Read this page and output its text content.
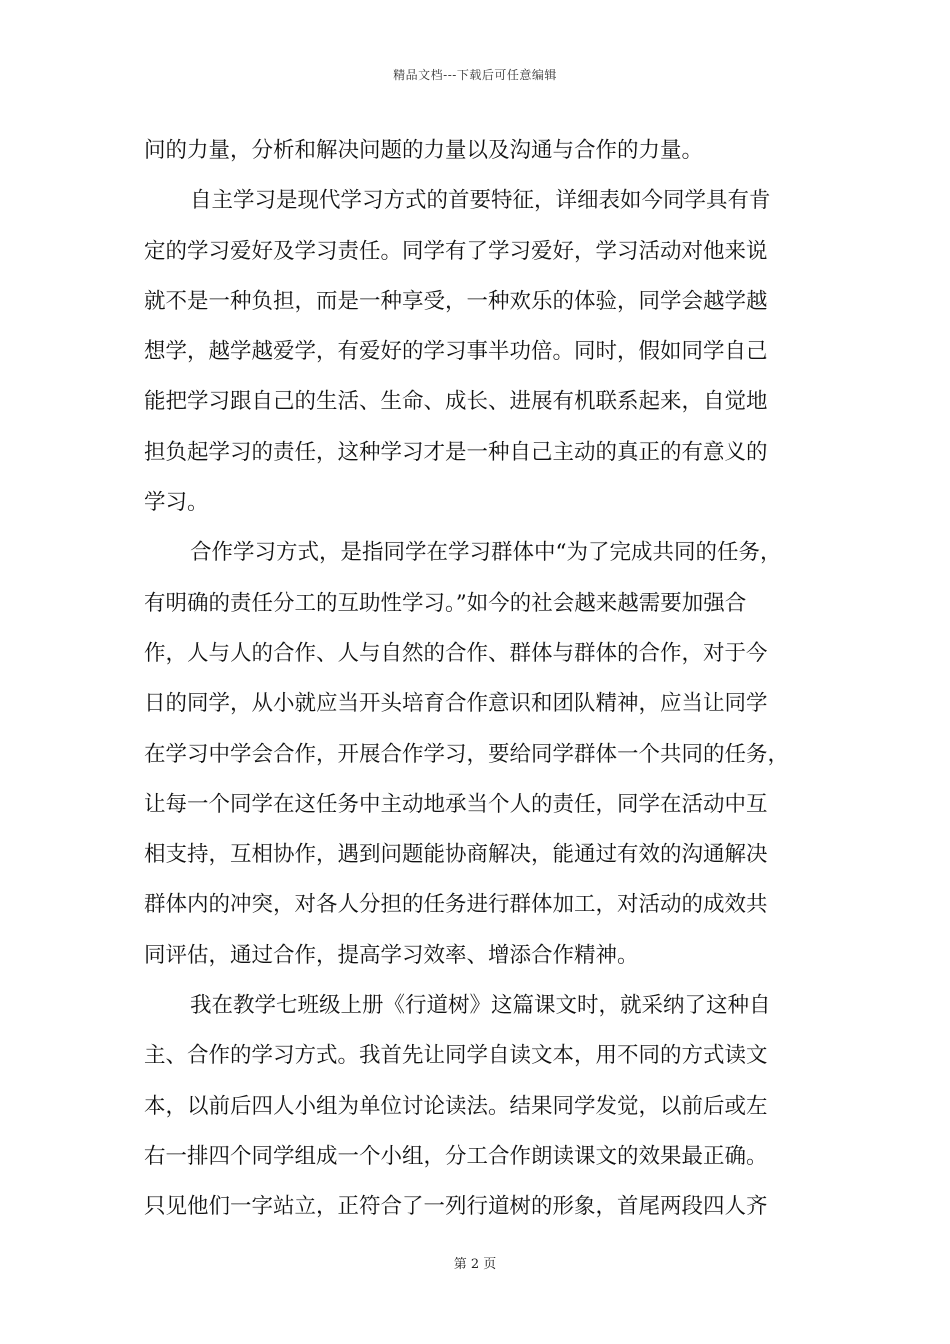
精品文档---下载后可任意编辑
问的力量，分析和解决问题的力量以及沟通与合作的力量。
自主学习是现代学习方式的首要特征，详细表如今同学具有肯
定的学习爱好及学习责任。同学有了学习爱好，学习活动对他来说
就不是一种负担，而是一种享受，一种欢乐的体验，同学会越学越
想学，越学越爱学，有爱好的学习事半功倍。同时，假如同学自己
能把学习跟自己的生活、生命、成长、进展有机联系起来，自觉地
担负起学习的责任，这种学习才是一种自己主动的真正的有意义的
学习。
合作学习方式，是指同学在学习群体中“为了完成共同的任务，
有明确的责任分工的互助性学习。”如今的社会越来越需要加强合
作，人与人的合作、人与自然的合作、群体与群体的合作，对于今
日的同学，从小就应当开头培育合作意识和团队精神，应当让同学
在学习中学会合作，开展合作学习，要给同学群体一个共同的任务，
让每一个同学在这任务中主动地承当个人的责任，同学在活动中互
相支持，互相协作，遇到问题能协商解决，能通过有效的沟通解决
群体内的冲突，对各人分担的任务进行群体加工，对活动的成效共
同评估，通过合作，提高学习效率、增添合作精神。
我在教学七班级上册《行道树》这篇课文时，就采纳了这种自
主、合作的学习方式。我首先让同学自读文本，用不同的方式读文
本，以前后四人小组为单位讨论读法。结果同学发觉，以前后或左
右一排四个同学组成一个小组，分工合作朗读课文的效果最正确。
只见他们一字站立，正符合了一列行道树的形象，首尾两段四人齐
第 2 页
